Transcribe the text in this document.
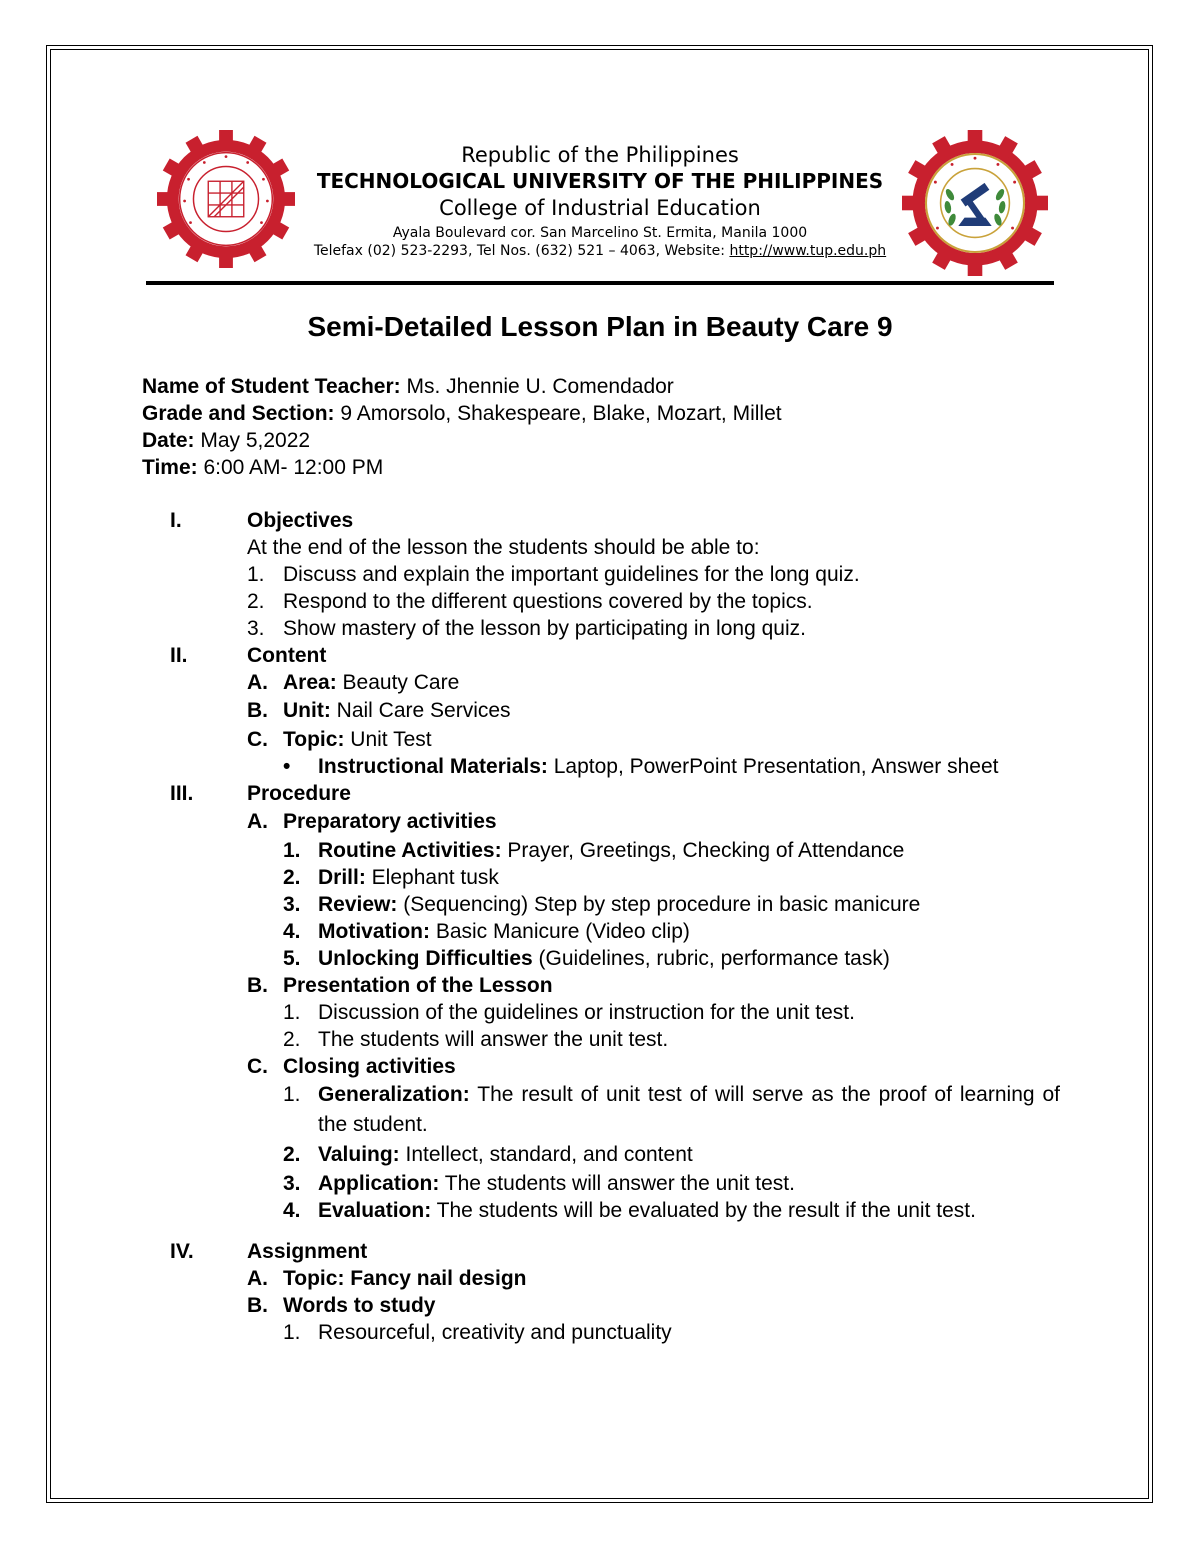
Republic of the Philippines
TECHNOLOGICAL UNIVERSITY OF THE PHILIPPINES
College of Industrial Education
Ayala Boulevard cor. San Marcelino St. Ermita, Manila 1000
Telefax (02) 523-2293, Tel Nos. (632) 521 – 4063, Website: http://www.tup.edu.ph
Semi-Detailed Lesson Plan in Beauty Care 9
Name of Student Teacher: Ms. Jhennie U. Comendador
Grade and Section: 9 Amorsolo, Shakespeare, Blake, Mozart, Millet
Date: May 5,2022
Time: 6:00 AM- 12:00 PM
I.	Objectives
At the end of the lesson the students should be able to:
1. Discuss and explain the important guidelines for the long quiz.
2. Respond to the different questions covered by the topics.
3. Show mastery of the lesson by participating in long quiz.
II.	Content
A. Area: Beauty Care
B. Unit: Nail Care Services
C. Topic: Unit Test
• Instructional Materials: Laptop, PowerPoint Presentation, Answer sheet
III.	Procedure
A. Preparatory activities
1. Routine Activities: Prayer, Greetings, Checking of Attendance
2. Drill: Elephant tusk
3. Review: (Sequencing) Step by step procedure in basic manicure
4. Motivation: Basic Manicure (Video clip)
5. Unlocking Difficulties (Guidelines, rubric, performance task)
B. Presentation of the Lesson
1. Discussion of the guidelines or instruction for the unit test.
2. The students will answer the unit test.
C. Closing activities
1. Generalization: The result of unit test of will serve as the proof of learning of the student.
2. Valuing: Intellect, standard, and content
3. Application: The students will answer the unit test.
4. Evaluation: The students will be evaluated by the result if the unit test.
IV.	Assignment
A. Topic: Fancy nail design
B. Words to study
1. Resourceful, creativity and punctuality
